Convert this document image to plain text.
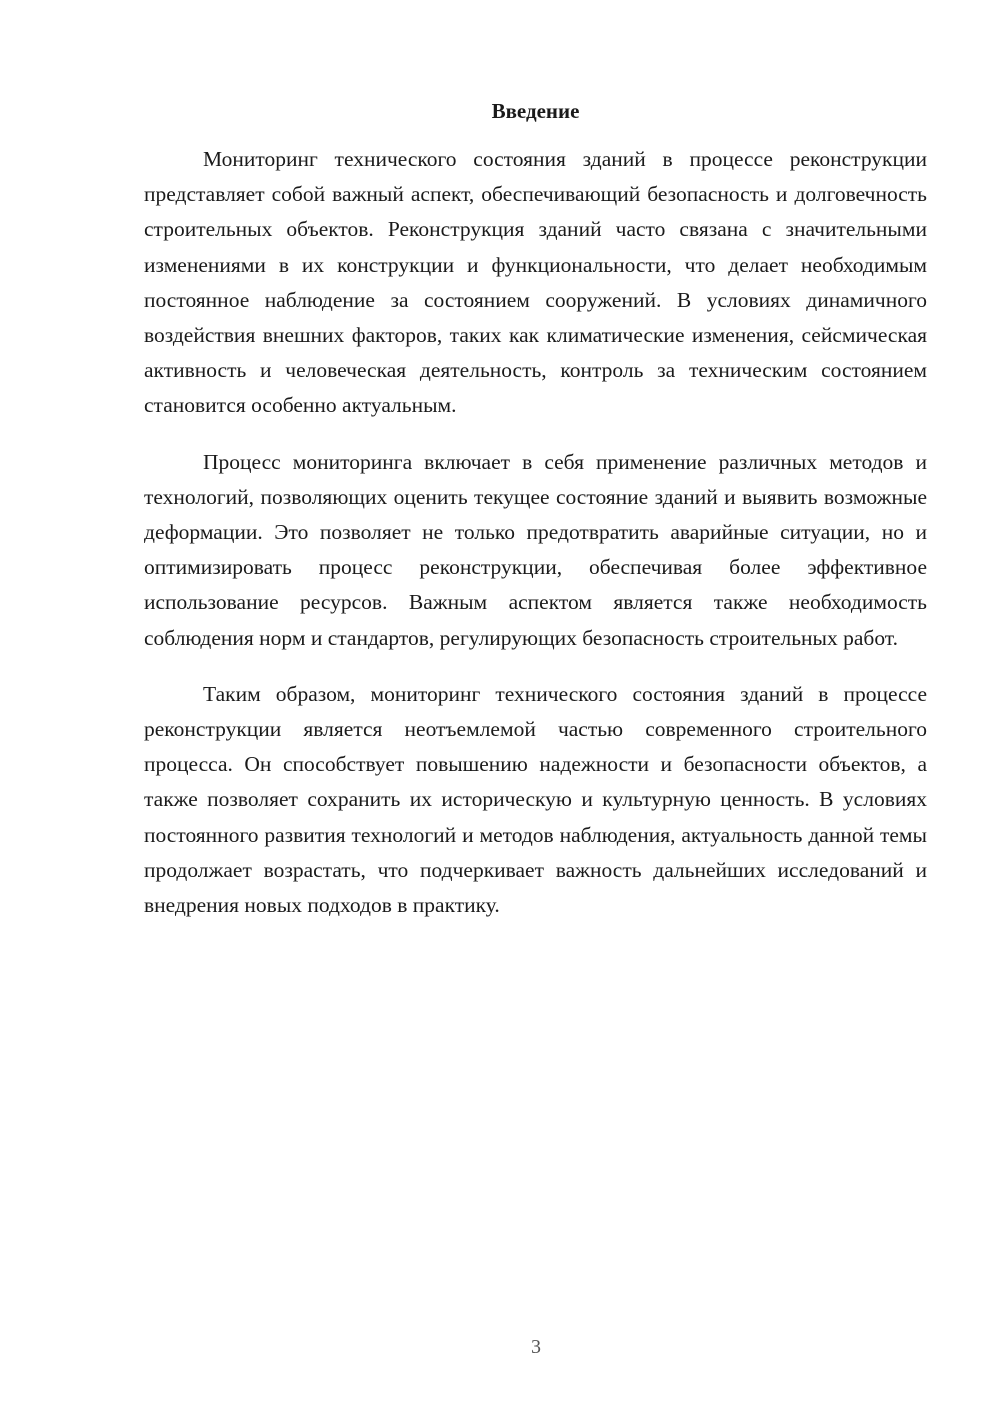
Введение

Мониторинг технического состояния зданий в процессе реконструкции представляет собой важный аспект, обеспечивающий безопасность и долговечность строительных объектов. Реконструкция зданий часто связана с значительными изменениями в их конструкции и функциональности, что делает необходимым постоянное наблюдение за состоянием сооружений. В условиях динамичного воздействия внешних факторов, таких как климатические изменения, сейсмическая активность и человеческая деятельность, контроль за техническим состоянием становится особенно актуальным.

Процесс мониторинга включает в себя применение различных методов и технологий, позволяющих оценить текущее состояние зданий и выявить возможные деформации. Это позволяет не только предотвратить аварийные ситуации, но и оптимизировать процесс реконструкции, обеспечивая более эффективное использование ресурсов. Важным аспектом является также необходимость соблюдения норм и стандартов, регулирующих безопасность строительных работ.

Таким образом, мониторинг технического состояния зданий в процессе реконструкции является неотъемлемой частью современного строительного процесса. Он способствует повышению надежности и безопасности объектов, а также позволяет сохранить их историческую и культурную ценность. В условиях постоянного развития технологий и методов наблюдения, актуальность данной темы продолжает возрастать, что подчеркивает важность дальнейших исследований и внедрения новых подходов в практику.

3
